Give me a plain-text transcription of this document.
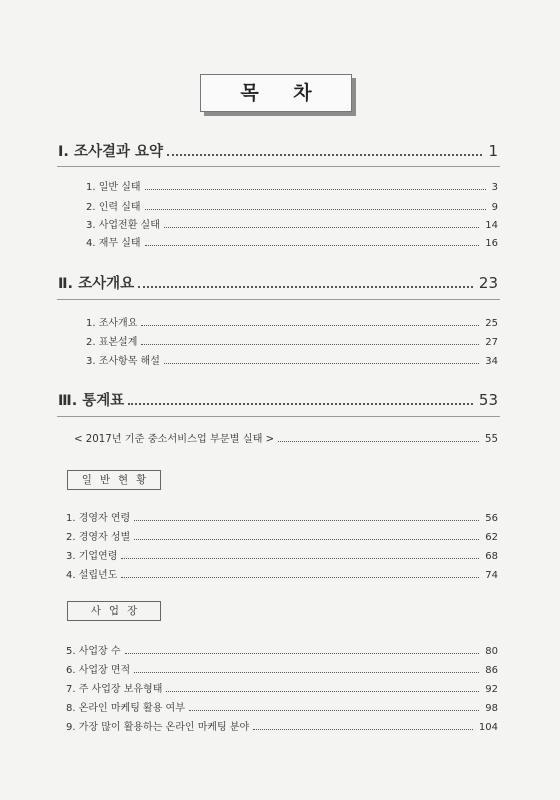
목 차
Ⅰ. 조사결과 요약	1
1. 일반 실태	3
2. 인력 실태	9
3. 사업전환 실태	14
4. 재무 실태	16
Ⅱ. 조사개요	23
1. 조사개요	25
2. 표본설계	27
3. 조사항목 해설	34
Ⅲ. 통계표	53
< 2017년 기준 중소서비스업 부문별 실태 >	55
일반현황
1. 경영자 연령	56
2. 경영자 성별	62
3. 기업연령	68
4. 설립년도	74
사업장
5. 사업장 수	80
6. 사업장 면적	86
7. 주 사업장 보유형태	92
8. 온라인 마케팅 활용 여부	98
9. 가장 많이 활용하는 온라인 마케팅 분야	104
